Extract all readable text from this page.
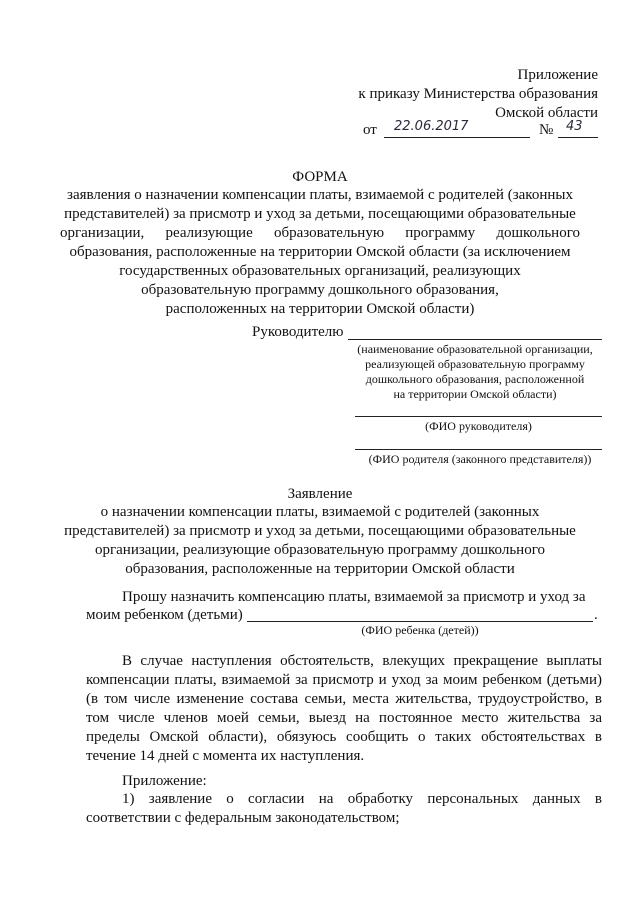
Приложение
к приказу Министерства образования
Омской области
от 22.06.2017	№ 43
ФОРМА
заявления о назначении компенсации платы, взимаемой с родителей (законных
представителей) за присмотр и уход за детьми, посещающими образовательные
организации, реализующие образовательную программу дошкольного
образования, расположенные на территории Омской области (за исключением
государственных образовательных организаций, реализующих
образовательную программу дошкольного образования,
расположенных на территории Омской области)
Руководителю
(наименование образовательной организации,
реализующей образовательную программу
дошкольного образования, расположенной
на территории Омской области)
(ФИО руководителя)
(ФИО родителя (законного представителя))
Заявление
о назначении компенсации платы, взимаемой с родителей (законных
представителей) за присмотр и уход за детьми, посещающими образовательные
организации, реализующие образовательную программу дошкольного
образования, расположенные на территории Омской области
Прошу назначить компенсацию платы, взимаемой за присмотр и уход за
моим ребенком (детьми)	.
(ФИО ребенка (детей))
В случае наступления обстоятельств, влекущих прекращение выплаты
компенсации платы, взимаемой за присмотр и уход за моим ребенком (детьми)
(в том числе изменение состава семьи, места жительства, трудоустройство, в
том числе членов моей семьи, выезд на постоянное место жительства за
пределы Омской области), обязуюсь сообщить о таких обстоятельствах в
течение 14 дней с момента их наступления.
Приложение:
1) заявление о согласии на обработку персональных данных в
соответствии с федеральным законодательством;
